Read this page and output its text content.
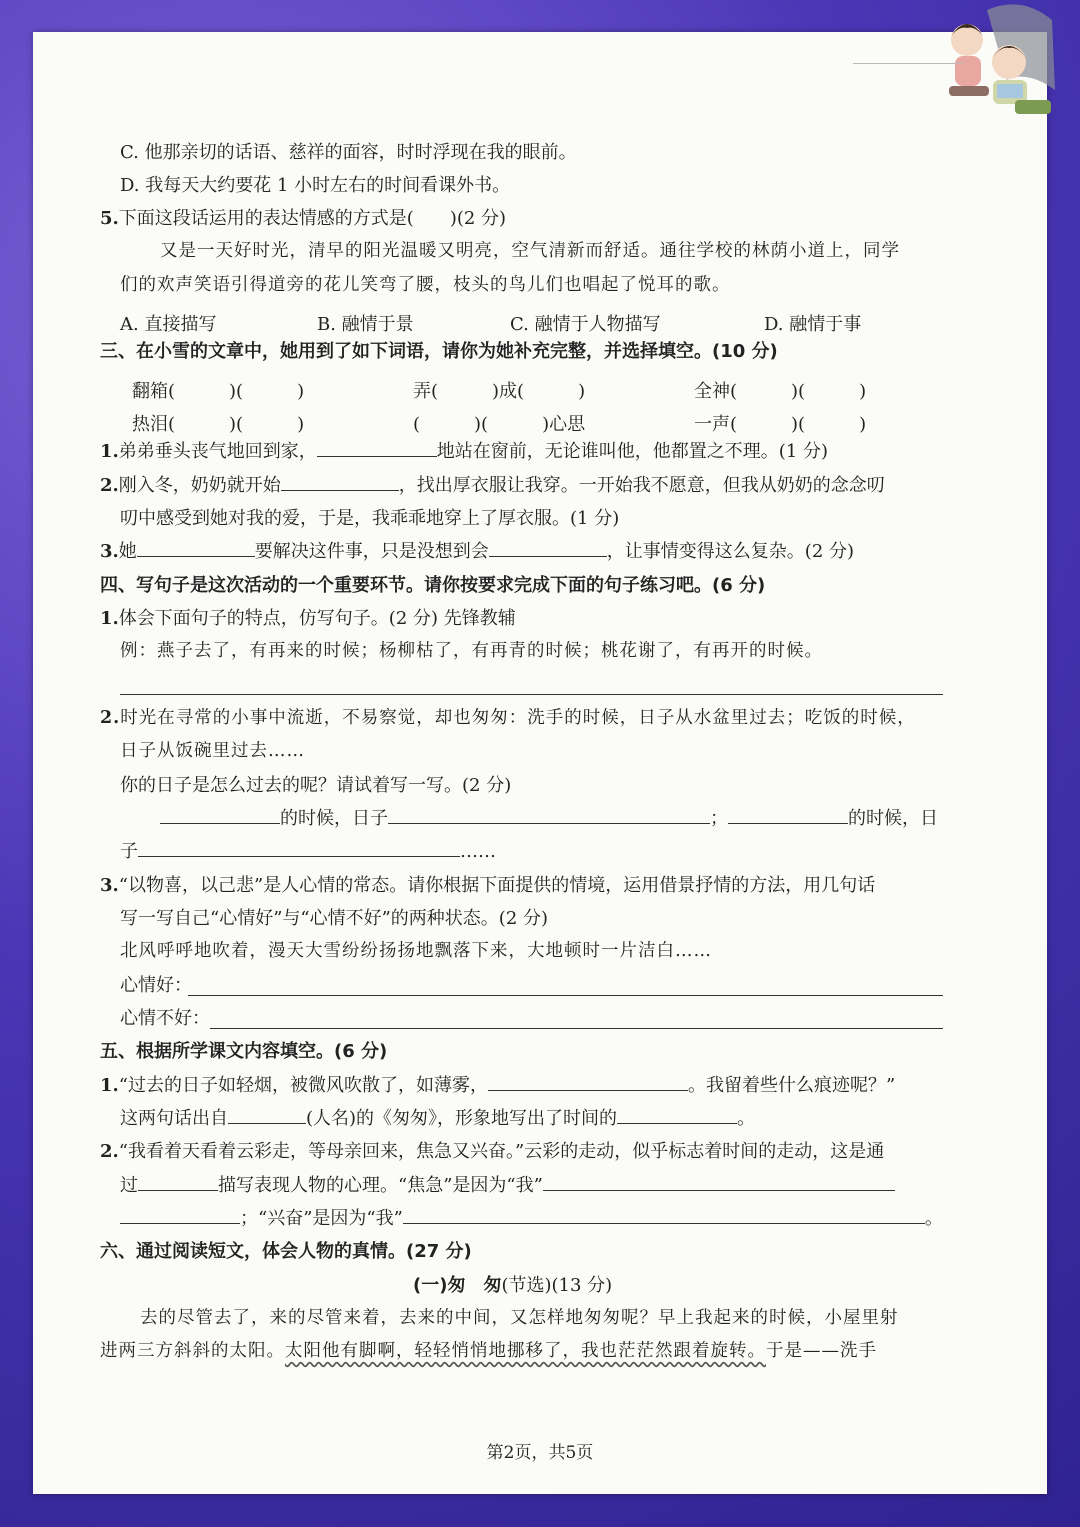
C. 他那亲切的话语、慈祥的面容，时时浮现在我的眼前。
D. 我每天大约要花 1 小时左右的时间看课外书。
5.下面这段话运用的表达情感的方式是(　　)(2 分)
又是一天好时光，清早的阳光温暖又明亮，空气清新而舒适。通往学校的林荫小道上，同学
们的欢声笑语引得道旁的花儿笑弯了腰，枝头的鸟儿们也唱起了悦耳的歌。
A. 直接描写	B. 融情于景	C. 融情于人物描写	D. 融情于事
三、在小雪的文章中，她用到了如下词语，请你为她补充完整，并选择填空。(10 分)
翻箱(　　　)(　　　)	弄(　　　)成(　　　)	全神(　　　)(　　　)
热泪(　　　)(　　　)	(　　　)(　　　)心思	一声(　　　)(　　　)
1.弟弟垂头丧气地回到家，	地站在窗前，无论谁叫他，他都置之不理。(1 分)
2.刚入冬，奶奶就开始	，找出厚衣服让我穿。一开始我不愿意，但我从奶奶的念念叨
叨中感受到她对我的爱，于是，我乖乖地穿上了厚衣服。(1 分)
3.她	要解决这件事，只是没想到会	，让事情变得这么复杂。(2 分)
四、写句子是这次活动的一个重要环节。请你按要求完成下面的句子练习吧。(6 分)
1.体会下面句子的特点，仿写句子。(2 分) 先锋教辅
例：燕子去了，有再来的时候；杨柳枯了，有再青的时候；桃花谢了，有再开的时候。
2.时光在寻常的小事中流逝，不易察觉，却也匆匆：洗手的时候，日子从水盆里过去；吃饭的时候，
日子从饭碗里过去……
你的日子是怎么过去的呢？请试着写一写。(2 分)
的时候，日子	；	的时候，日
子	……
3.“以物喜，以己悲”是人心情的常态。请你根据下面提供的情境，运用借景抒情的方法，用几句话
写一写自己“心情好”与“心情不好”的两种状态。(2 分)
北风呼呼地吹着，漫天大雪纷纷扬扬地飘落下来，大地顿时一片洁白……
心情好：
心情不好：
五、根据所学课文内容填空。(6 分)
1.“过去的日子如轻烟，被微风吹散了，如薄雾，	。我留着些什么痕迹呢？”
这两句话出自	(人名)的《匆匆》，形象地写出了时间的	。
2.“我看着天看着云彩走，等母亲回来，焦急又兴奋。”云彩的走动，似乎标志着时间的走动，这是通
过	描写表现人物的心理。“焦急”是因为“我”
；“兴奋”是因为“我”	。
六、通过阅读短文，体会人物的真情。(27 分)
(一)匆　匆(节选)(13 分)
去的尽管去了，来的尽管来着，去来的中间，又怎样地匆匆呢？早上我起来的时候，小屋里射
进两三方斜斜的太阳。太阳他有脚啊，轻轻悄悄地挪移了，我也茫茫然跟着旋转。于是——洗手
第2页，共5页
